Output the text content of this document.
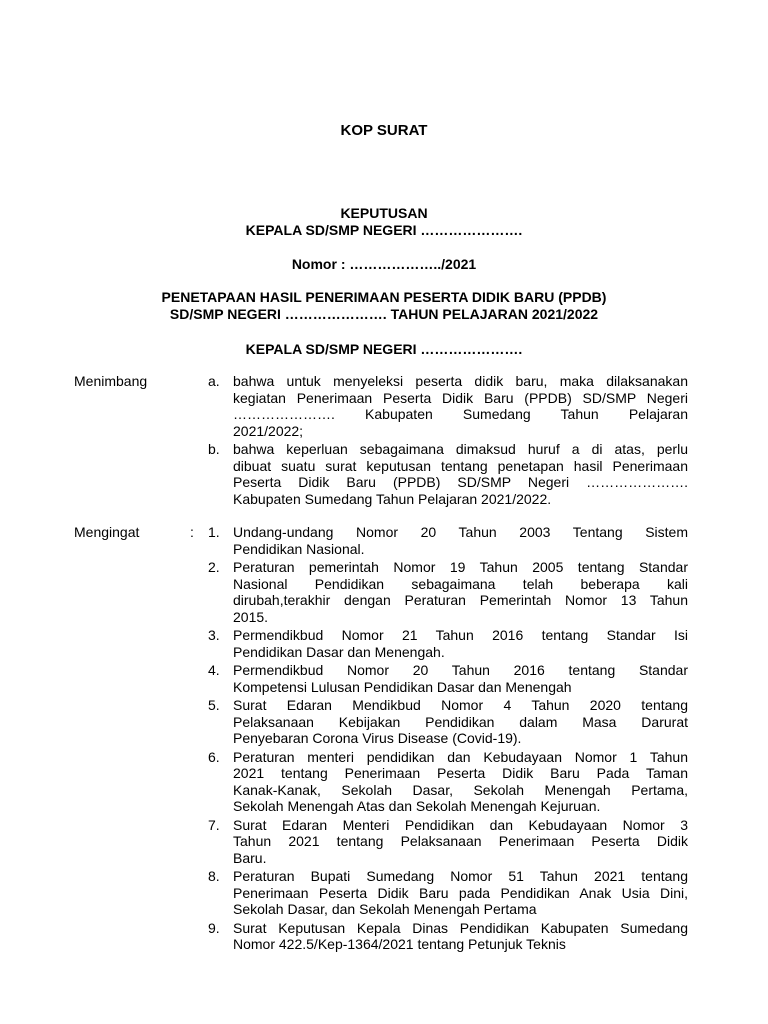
KOP SURAT
KEPUTUSAN
KEPALA SD/SMP NEGERI ………………….
Nomor : ………………../2021
PENETAPAAN HASIL PENERIMAAN PESERTA DIDIK BARU (PPDB)
SD/SMP NEGERI …………………. TAHUN PELAJARAN 2021/2022
KEPALA SD/SMP NEGERI ………………….
Menimbang	a. bahwa untuk menyeleksi peserta didik baru, maka dilaksanakan
kegiatan Penerimaan Peserta Didik Baru (PPDB) SD/SMP Negeri
…………………. Kabupaten Sumedang Tahun Pelajaran
2021/2022;
b. bahwa keperluan sebagaimana dimaksud huruf a di atas, perlu
dibuat suatu surat keputusan tentang penetapan hasil Penerimaan
Peserta Didik Baru (PPDB) SD/SMP Negeri ………………….
Kabupaten Sumedang Tahun Pelajaran 2021/2022.
Mengingat	: 1. Undang-undang Nomor 20 Tahun 2003 Tentang Sistem
Pendidikan Nasional.
2. Peraturan pemerintah Nomor 19 Tahun 2005 tentang Standar
Nasional Pendidikan sebagaimana telah beberapa kali
dirubah,terakhir dengan Peraturan Pemerintah Nomor 13 Tahun
2015.
3. Permendikbud Nomor 21 Tahun 2016 tentang Standar Isi
Pendidikan Dasar dan Menengah.
4. Permendikbud Nomor 20 Tahun 2016 tentang Standar
Kompetensi Lulusan Pendidikan Dasar dan Menengah
5. Surat Edaran Mendikbud Nomor 4 Tahun 2020 tentang
Pelaksanaan Kebijakan Pendidikan dalam Masa Darurat
Penyebaran Corona Virus Disease (Covid-19).
6. Peraturan menteri pendidikan dan Kebudayaan Nomor 1 Tahun
2021 tentang Penerimaan Peserta Didik Baru Pada Taman
Kanak-Kanak, Sekolah Dasar, Sekolah Menengah Pertama,
Sekolah Menengah Atas dan Sekolah Menengah Kejuruan.
7. Surat Edaran Menteri Pendidikan dan Kebudayaan Nomor 3
Tahun 2021 tentang Pelaksanaan Penerimaan Peserta Didik
Baru.
8. Peraturan Bupati Sumedang Nomor 51 Tahun 2021 tentang
Penerimaan Peserta Didik Baru pada Pendidikan Anak Usia Dini,
Sekolah Dasar, dan Sekolah Menengah Pertama
9. Surat Keputusan Kepala Dinas Pendidikan Kabupaten Sumedang
Nomor 422.5/Kep-1364/2021 tentang Petunjuk Teknis
